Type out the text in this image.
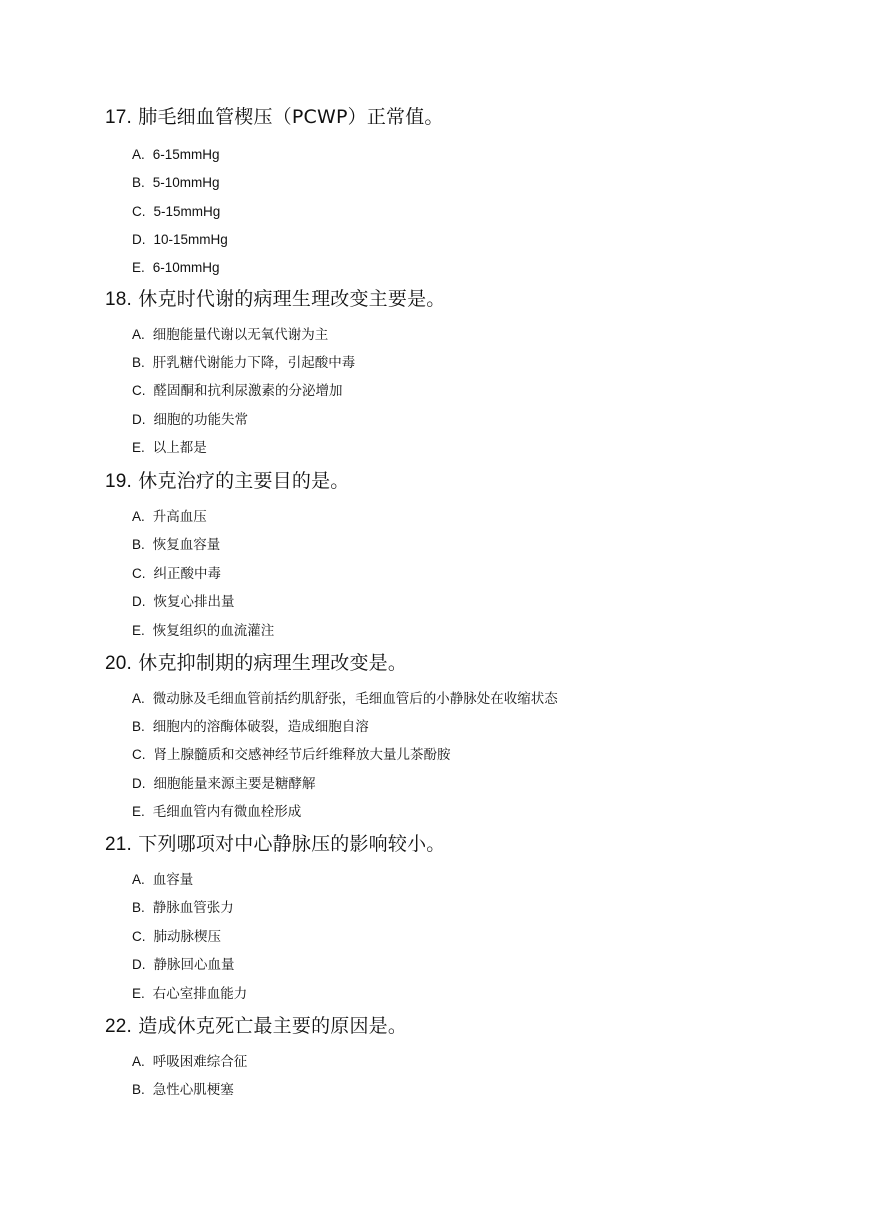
17. 肺毛细血管楔压（PCWP）正常值。
A. 6-15mmHg
B. 5-10mmHg
C. 5-15mmHg
D. 10-15mmHg
E. 6-10mmHg
18. 休克时代谢的病理生理改变主要是。
A. 细胞能量代谢以无氧代谢为主
B. 肝乳糖代谢能力下降，引起酸中毒
C. 醛固酮和抗利尿激素的分泌增加
D. 细胞的功能失常
E. 以上都是
19. 休克治疗的主要目的是。
A. 升高血压
B. 恢复血容量
C. 纠正酸中毒
D. 恢复心排出量
E. 恢复组织的血流灌注
20. 休克抑制期的病理生理改变是。
A. 微动脉及毛细血管前括约肌舒张，毛细血管后的小静脉处在收缩状态
B. 细胞内的溶酶体破裂，造成细胞自溶
C. 肾上腺髓质和交感神经节后纤维释放大量儿茶酚胺
D. 细胞能量来源主要是糖酵解
E. 毛细血管内有微血栓形成
21. 下列哪项对中心静脉压的影响较小。
A. 血容量
B. 静脉血管张力
C. 肺动脉楔压
D. 静脉回心血量
E. 右心室排血能力
22. 造成休克死亡最主要的原因是。
A. 呼吸困难综合征
B. 急性心肌梗塞
